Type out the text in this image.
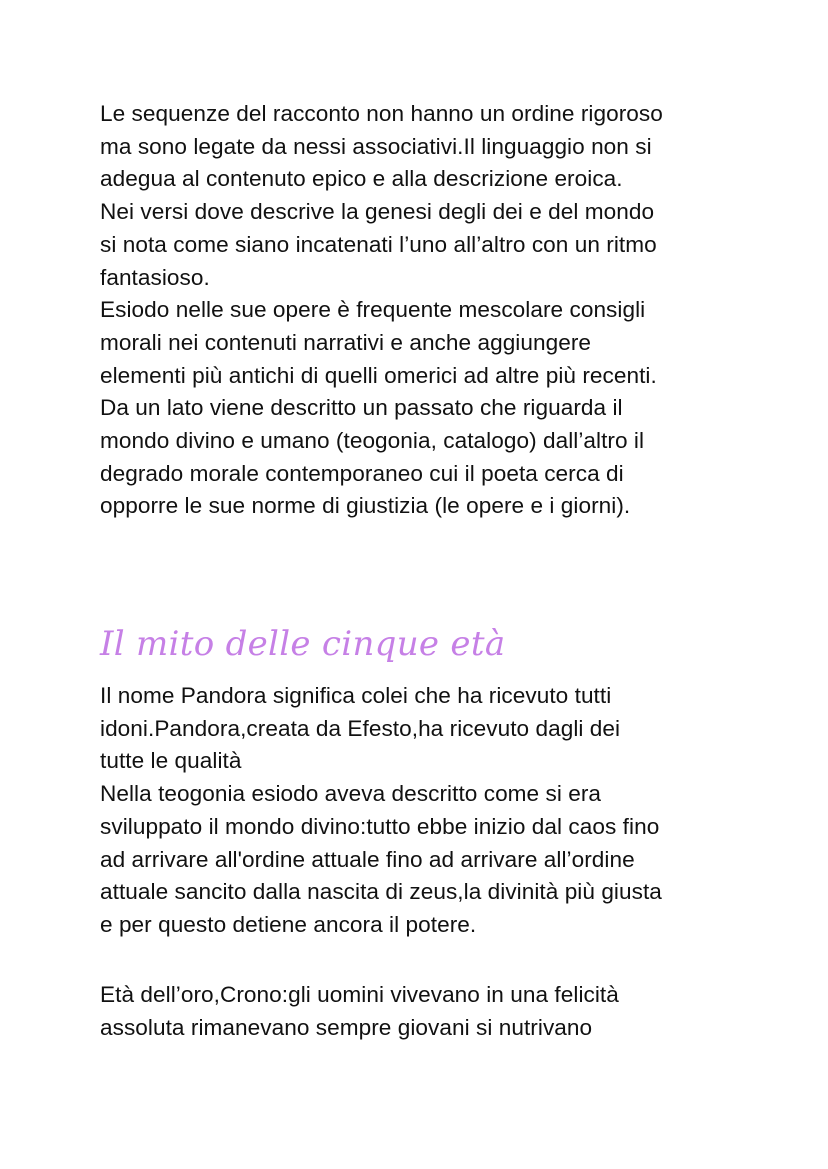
Le sequenze del racconto non hanno un ordine rigoroso
ma sono legate da nessi associativi.Il linguaggio non si
adegua al contenuto epico e alla descrizione eroica.
Nei versi dove descrive la genesi degli dei e del mondo
si nota come siano incatenati l’uno all’altro con un ritmo
fantasioso.
Esiodo nelle sue opere è frequente mescolare consigli
morali nei contenuti narrativi e anche aggiungere
elementi più antichi di quelli omerici ad altre più recenti.
Da un lato viene descritto un passato che riguarda il
mondo divino e umano (teogonia, catalogo) dall’altro il
degrado morale contemporaneo cui il poeta cerca di
opporre le sue norme di giustizia (le opere e i giorni).
Il mito delle cinque età
Il nome Pandora significa colei che ha ricevuto tutti
idoni.Pandora,creata da Efesto,ha ricevuto dagli dei
tutte le qualità
Nella teogonia esiodo aveva descritto come si era
sviluppato il mondo divino:tutto ebbe inizio dal caos fino
ad arrivare all'ordine attuale fino ad arrivare all’ordine
attuale sancito dalla nascita di zeus,la divinità più giusta
e per questo detiene ancora il potere.
Età dell’oro,Crono:gli uomini vivevano in una felicità
assoluta rimanevano sempre giovani si nutrivano
